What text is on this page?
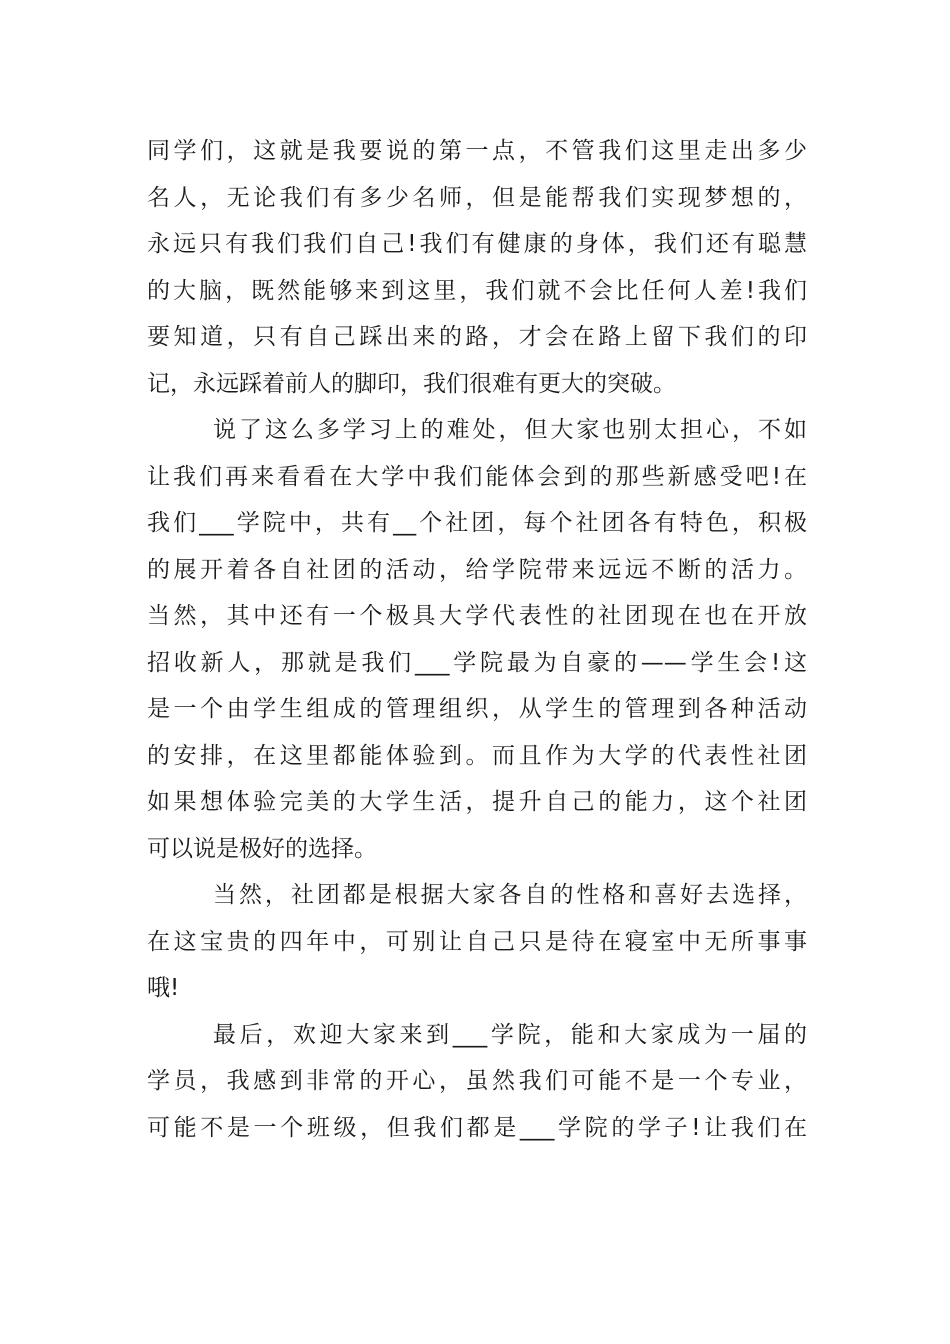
同学们，这就是我要说的第一点，不管我们这里走出多少
名人，无论我们有多少名师，但是能帮我们实现梦想的，
永远只有我们我们自己!我们有健康的身体，我们还有聪慧
的大脑，既然能够来到这里，我们就不会比任何人差!我们
要知道，只有自己踩出来的路，才会在路上留下我们的印
记，永远踩着前人的脚印，我们很难有更大的突破。
说了这么多学习上的难处，但大家也别太担心，不如
让我们再来看看在大学中我们能体会到的那些新感受吧!在
我们___学院中，共有__个社团，每个社团各有特色，积极
的展开着各自社团的活动，给学院带来远远不断的活力。
当然，其中还有一个极具大学代表性的社团现在也在开放
招收新人，那就是我们___学院最为自豪的——学生会!这
是一个由学生组成的管理组织，从学生的管理到各种活动
的安排，在这里都能体验到。而且作为大学的代表性社团
如果想体验完美的大学生活，提升自己的能力，这个社团
可以说是极好的选择。
当然，社团都是根据大家各自的性格和喜好去选择，
在这宝贵的四年中，可别让自己只是待在寝室中无所事事
哦!
最后，欢迎大家来到___学院，能和大家成为一届的
学员，我感到非常的开心，虽然我们可能不是一个专业，
可能不是一个班级，但我们都是___学院的学子!让我们在
